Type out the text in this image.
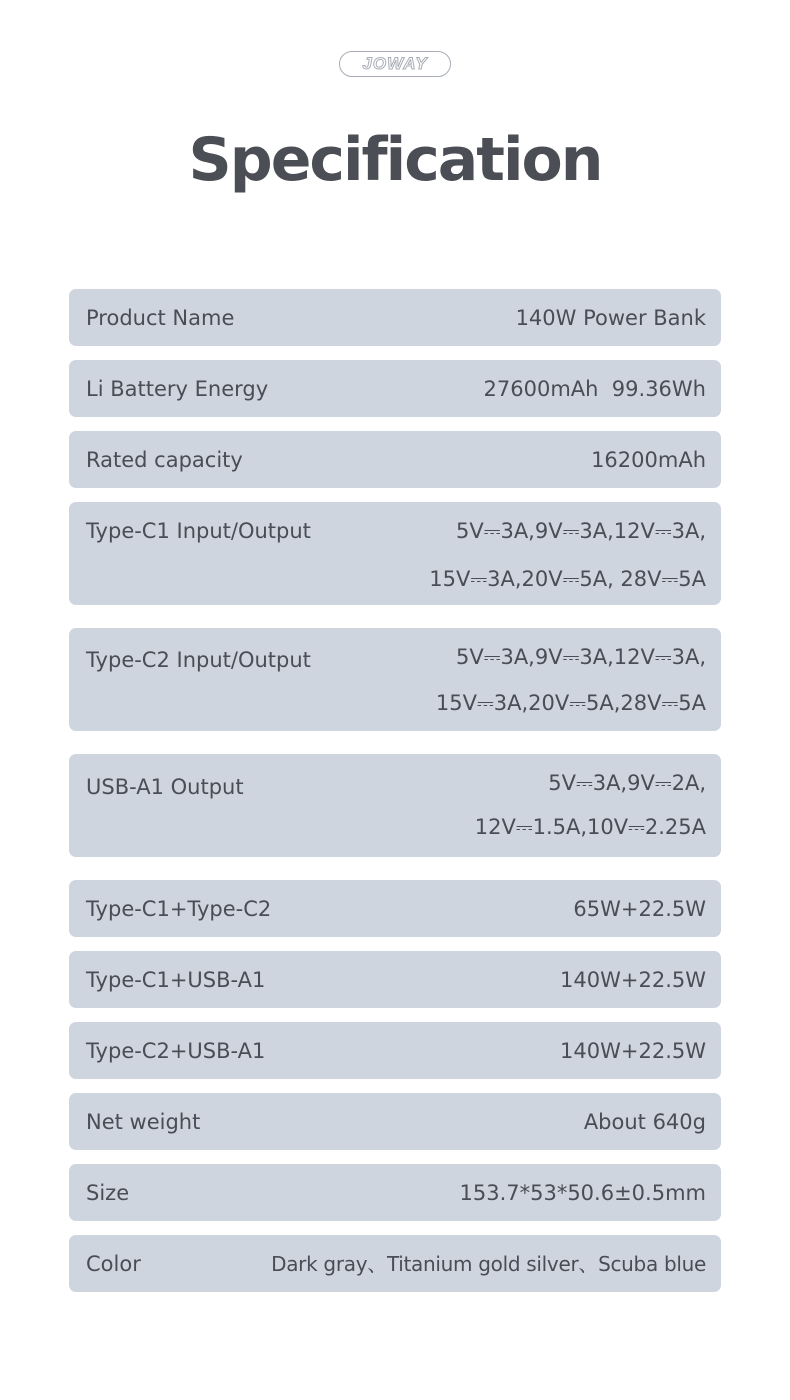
JOWAY
Specification
Product Name	140W Power Bank
Li Battery Energy	27600mAh  99.36Wh
Rated capacity	16200mAh
Type-C1 Input/Output	5V⎓3A,9V⎓3A,12V⎓3A,
15V⎓3A,20V⎓5A, 28V⎓5A
Type-C2 Input/Output	5V⎓3A,9V⎓3A,12V⎓3A,
15V⎓3A,20V⎓5A,28V⎓5A
USB-A1 Output	5V⎓3A,9V⎓2A,
12V⎓1.5A,10V⎓2.25A
Type-C1+Type-C2	65W+22.5W
Type-C1+USB-A1	140W+22.5W
Type-C2+USB-A1	140W+22.5W
Net weight	About 640g
Size	153.7*53*50.6±0.5mm
Color	Dark gray、Titanium gold silver、Scuba blue
